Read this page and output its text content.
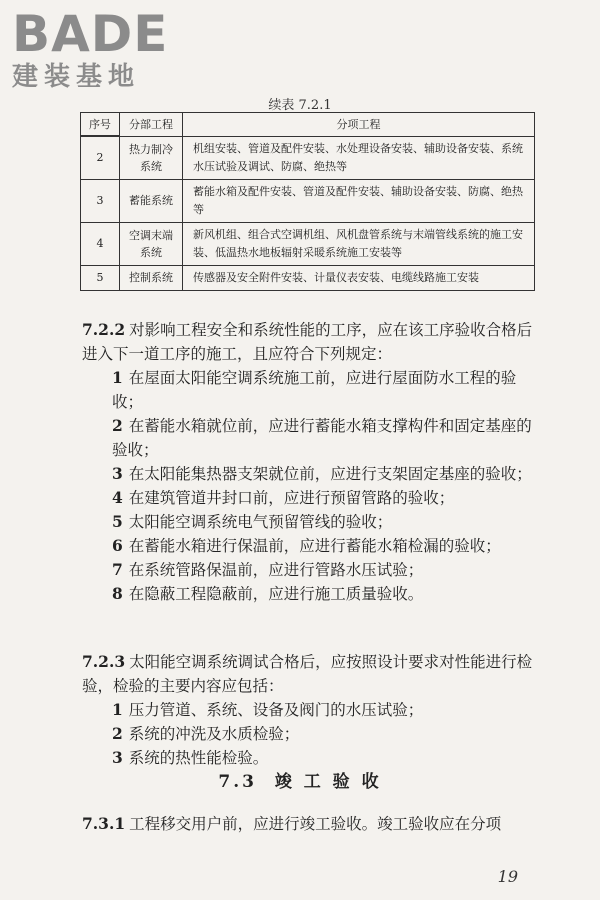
BADE
建装基地
续表 7.2.1
序号	分部工程	分项工程
2	热力制冷系统	机组安装、管道及配件安装、水处理设备安装、辅助设备安装、系统水压试验及调试、防腐、绝热等
3	蓄能系统	蓄能水箱及配件安装、管道及配件安装、辅助设备安装、防腐、绝热等
4	空调末端系统	新风机组、组合式空调机组、风机盘管系统与末端管线系统的施工安装、低温热水地板辐射采暖系统施工安装等
5	控制系统	传感器及安全附件安装、计量仪表安装、电缆线路施工安装
7.2.2 对影响工程安全和系统性能的工序，应在该工序验收合格后进入下一道工序的施工，且应符合下列规定：
1 在屋面太阳能空调系统施工前，应进行屋面防水工程的验收；
2 在蓄能水箱就位前，应进行蓄能水箱支撑构件和固定基座的验收；
3 在太阳能集热器支架就位前，应进行支架固定基座的验收；
4 在建筑管道井封口前，应进行预留管路的验收；
5 太阳能空调系统电气预留管线的验收；
6 在蓄能水箱进行保温前，应进行蓄能水箱检漏的验收；
7 在系统管路保温前，应进行管路水压试验；
8 在隐蔽工程隐蔽前，应进行施工质量验收。
7.2.3 太阳能空调系统调试合格后，应按照设计要求对性能进行检验，检验的主要内容应包括：
1 压力管道、系统、设备及阀门的水压试验；
2 系统的冲洗及水质检验；
3 系统的热性能检验。
7.3 竣 工 验 收
7.3.1 工程移交用户前，应进行竣工验收。竣工验收应在分项
19
